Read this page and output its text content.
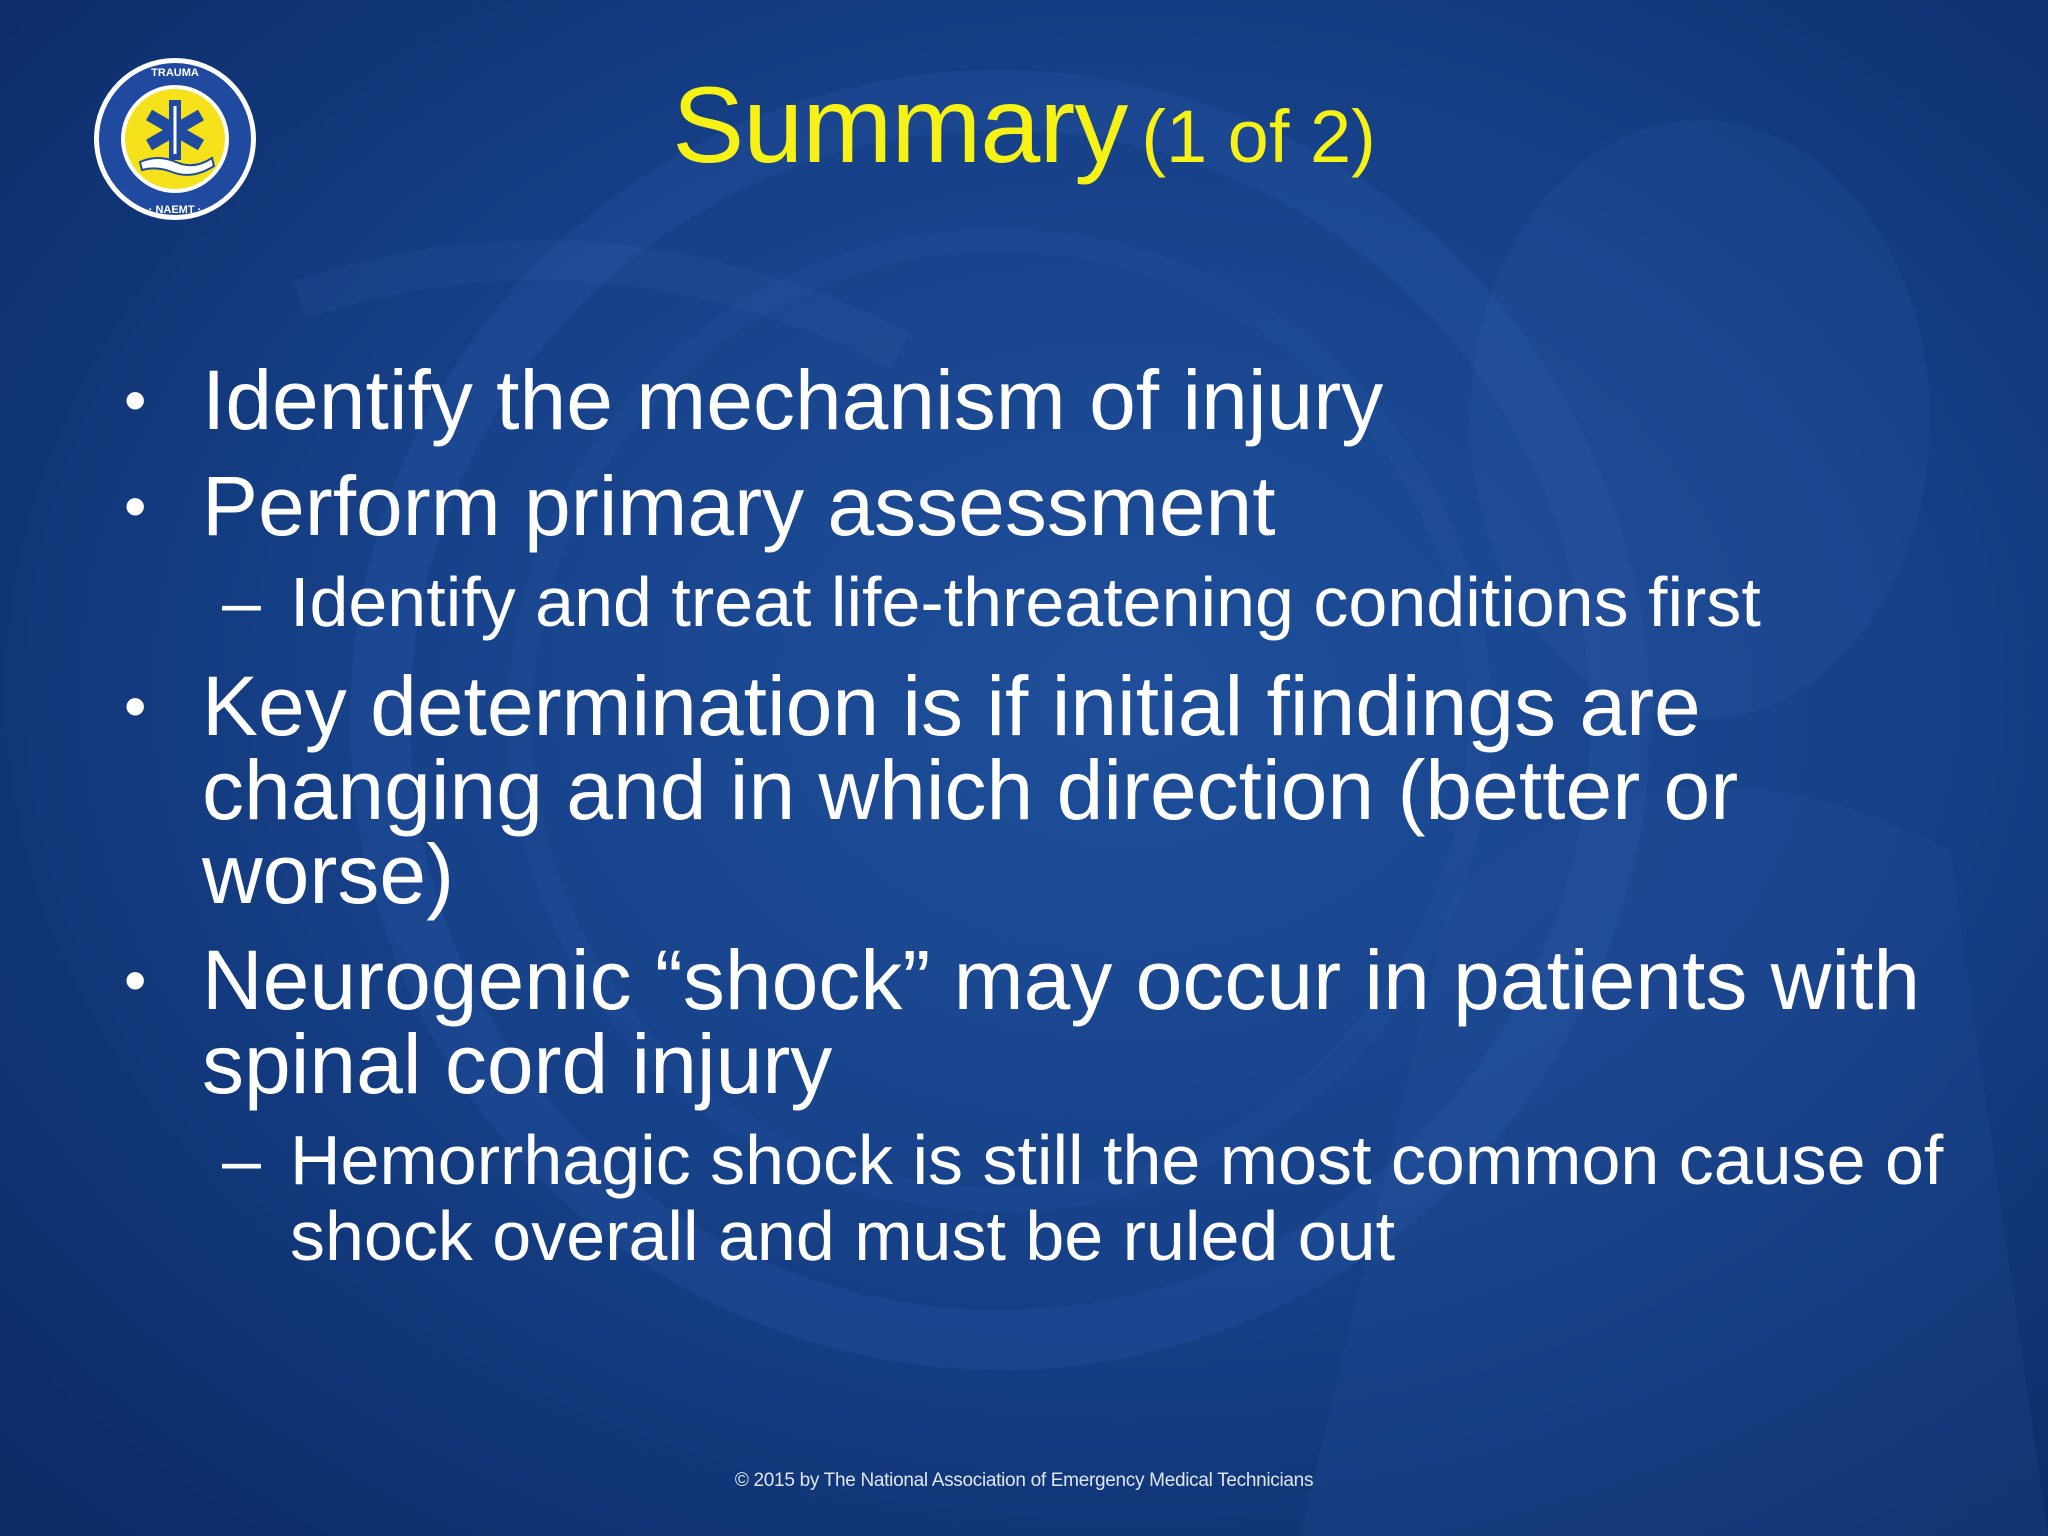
TRAUMA
· NAEMT ·
Summary (1 of 2)
• Identify the mechanism of injury
• Perform primary assessment
– Identify and treat life-threatening conditions first
• Key determination is if initial findings are changing and in which direction (better or worse)
• Neurogenic “shock” may occur in patients with spinal cord injury
– Hemorrhagic shock is still the most common cause of shock overall and must be ruled out
© 2015 by The National Association of Emergency Medical Technicians
